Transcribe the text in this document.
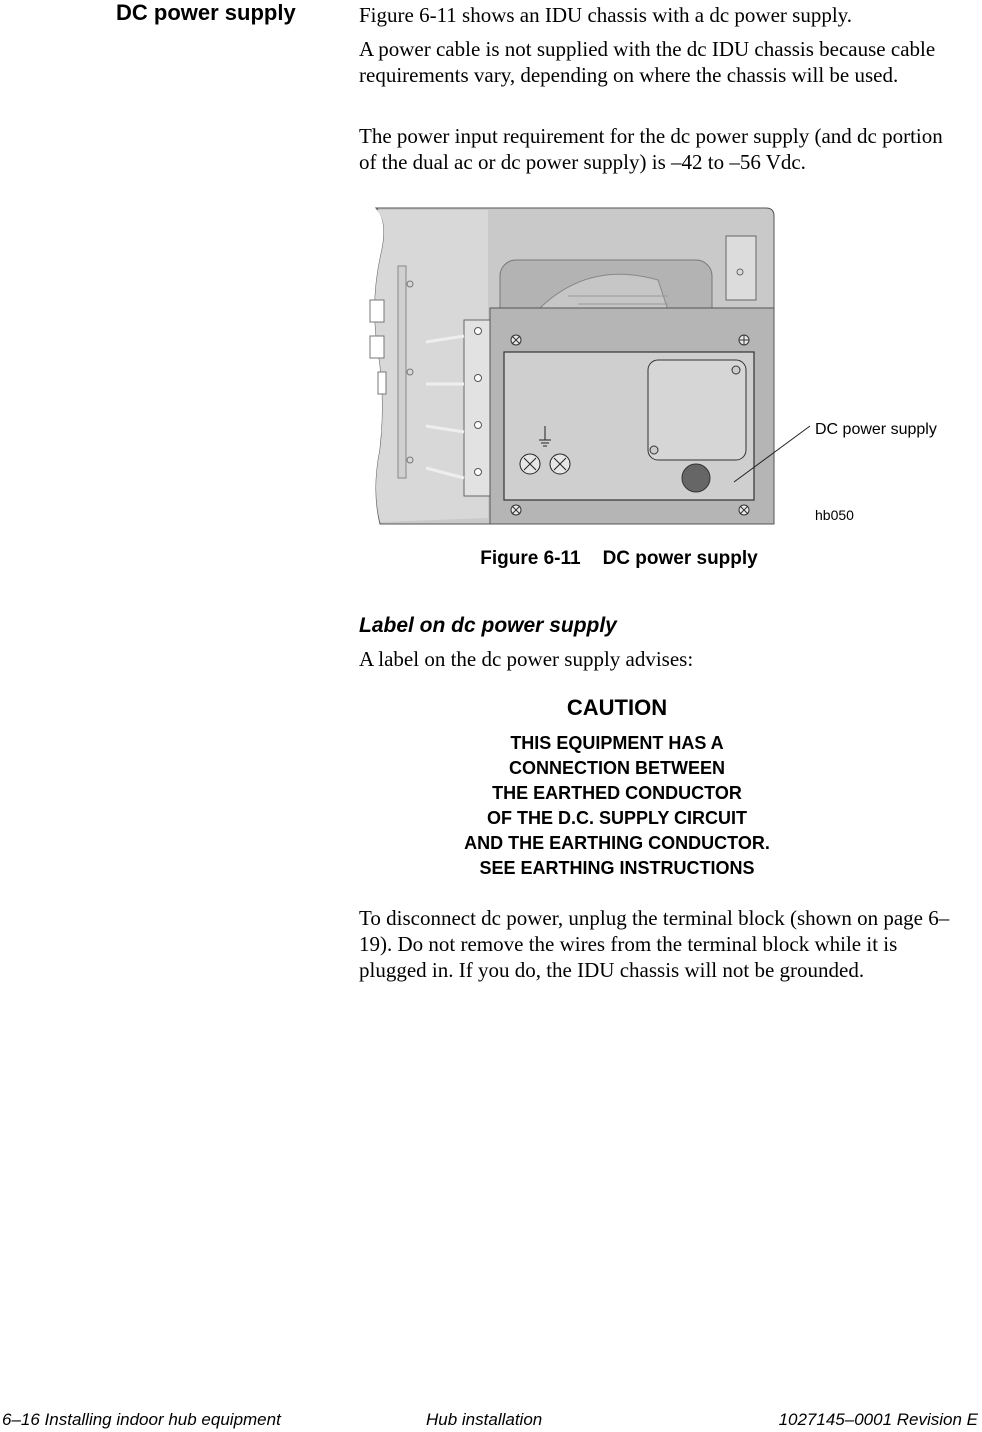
DC power supply	Figure 6-11 shows an IDU chassis with a dc power supply.

A power cable is not supplied with the dc IDU chassis because cable requirements vary, depending on where the chassis will be used.

The power input requirement for the dc power supply (and dc portion of the dual ac or dc power supply) is –42 to –56 Vdc.

DC power supply
hb050
Figure 6-11 DC power supply
Label on dc power supply

A label on the dc power supply advises:

CAUTION
THIS EQUIPMENT HAS A
CONNECTION BETWEEN
THE EARTHED CONDUCTOR
OF THE D.C. SUPPLY CIRCUIT
AND THE EARTHING CONDUCTOR.
SEE EARTHING INSTRUCTIONS

To disconnect dc power, unplug the terminal block (shown on page 6–19). Do not remove the wires from the terminal block while it is plugged in. If you do, the IDU chassis will not be grounded.

6–16 Installing indoor hub equipment	Hub installation	1027145–0001 Revision E
